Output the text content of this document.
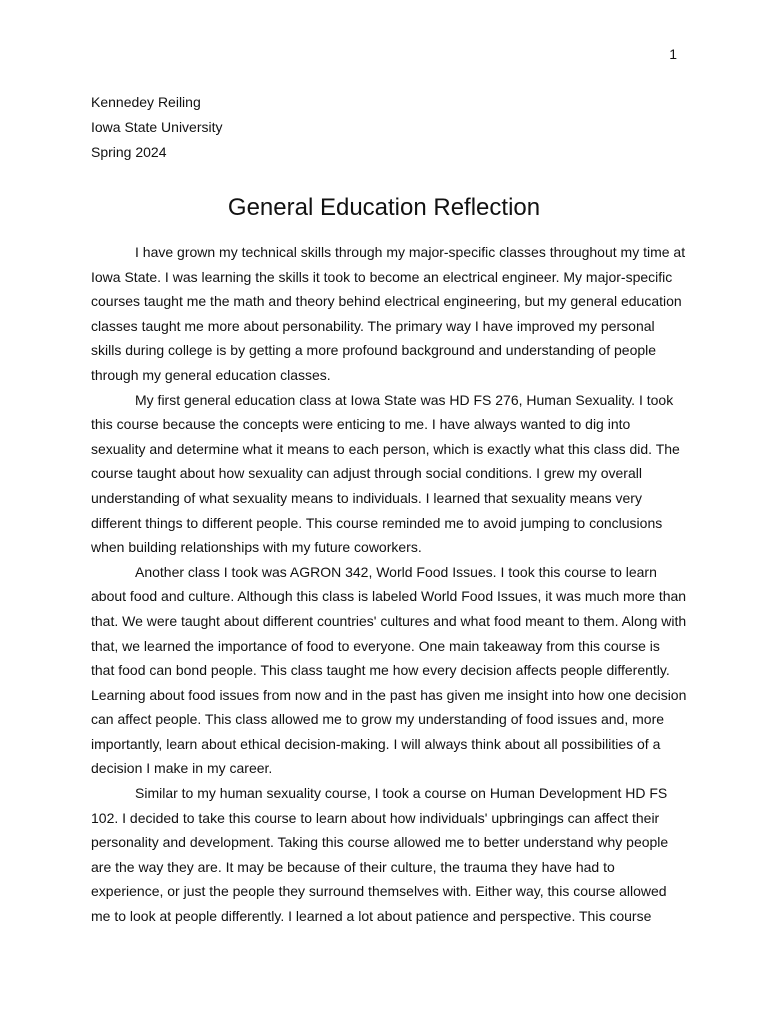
1
Kennedey Reiling
Iowa State University
Spring 2024
General Education Reflection
I have grown my technical skills through my major-specific classes throughout my time at
Iowa State. I was learning the skills it took to become an electrical engineer. My major-specific
courses taught me the math and theory behind electrical engineering, but my general education
classes taught me more about personability. The primary way I have improved my personal
skills during college is by getting a more profound background and understanding of people
through my general education classes.
My first general education class at Iowa State was HD FS 276, Human Sexuality. I took
this course because the concepts were enticing to me. I have always wanted to dig into
sexuality and determine what it means to each person, which is exactly what this class did. The
course taught about how sexuality can adjust through social conditions. I grew my overall
understanding of what sexuality means to individuals. I learned that sexuality means very
different things to different people. This course reminded me to avoid jumping to conclusions
when building relationships with my future coworkers.
Another class I took was AGRON 342, World Food Issues. I took this course to learn
about food and culture. Although this class is labeled World Food Issues, it was much more than
that. We were taught about different countries' cultures and what food meant to them. Along with
that, we learned the importance of food to everyone. One main takeaway from this course is
that food can bond people. This class taught me how every decision affects people differently.
Learning about food issues from now and in the past has given me insight into how one decision
can affect people. This class allowed me to grow my understanding of food issues and, more
importantly, learn about ethical decision-making. I will always think about all possibilities of a
decision I make in my career.
Similar to my human sexuality course, I took a course on Human Development HD FS
102. I decided to take this course to learn about how individuals' upbringings can affect their
personality and development. Taking this course allowed me to better understand why people
are the way they are. It may be because of their culture, the trauma they have had to
experience, or just the people they surround themselves with. Either way, this course allowed
me to look at people differently. I learned a lot about patience and perspective. This course
